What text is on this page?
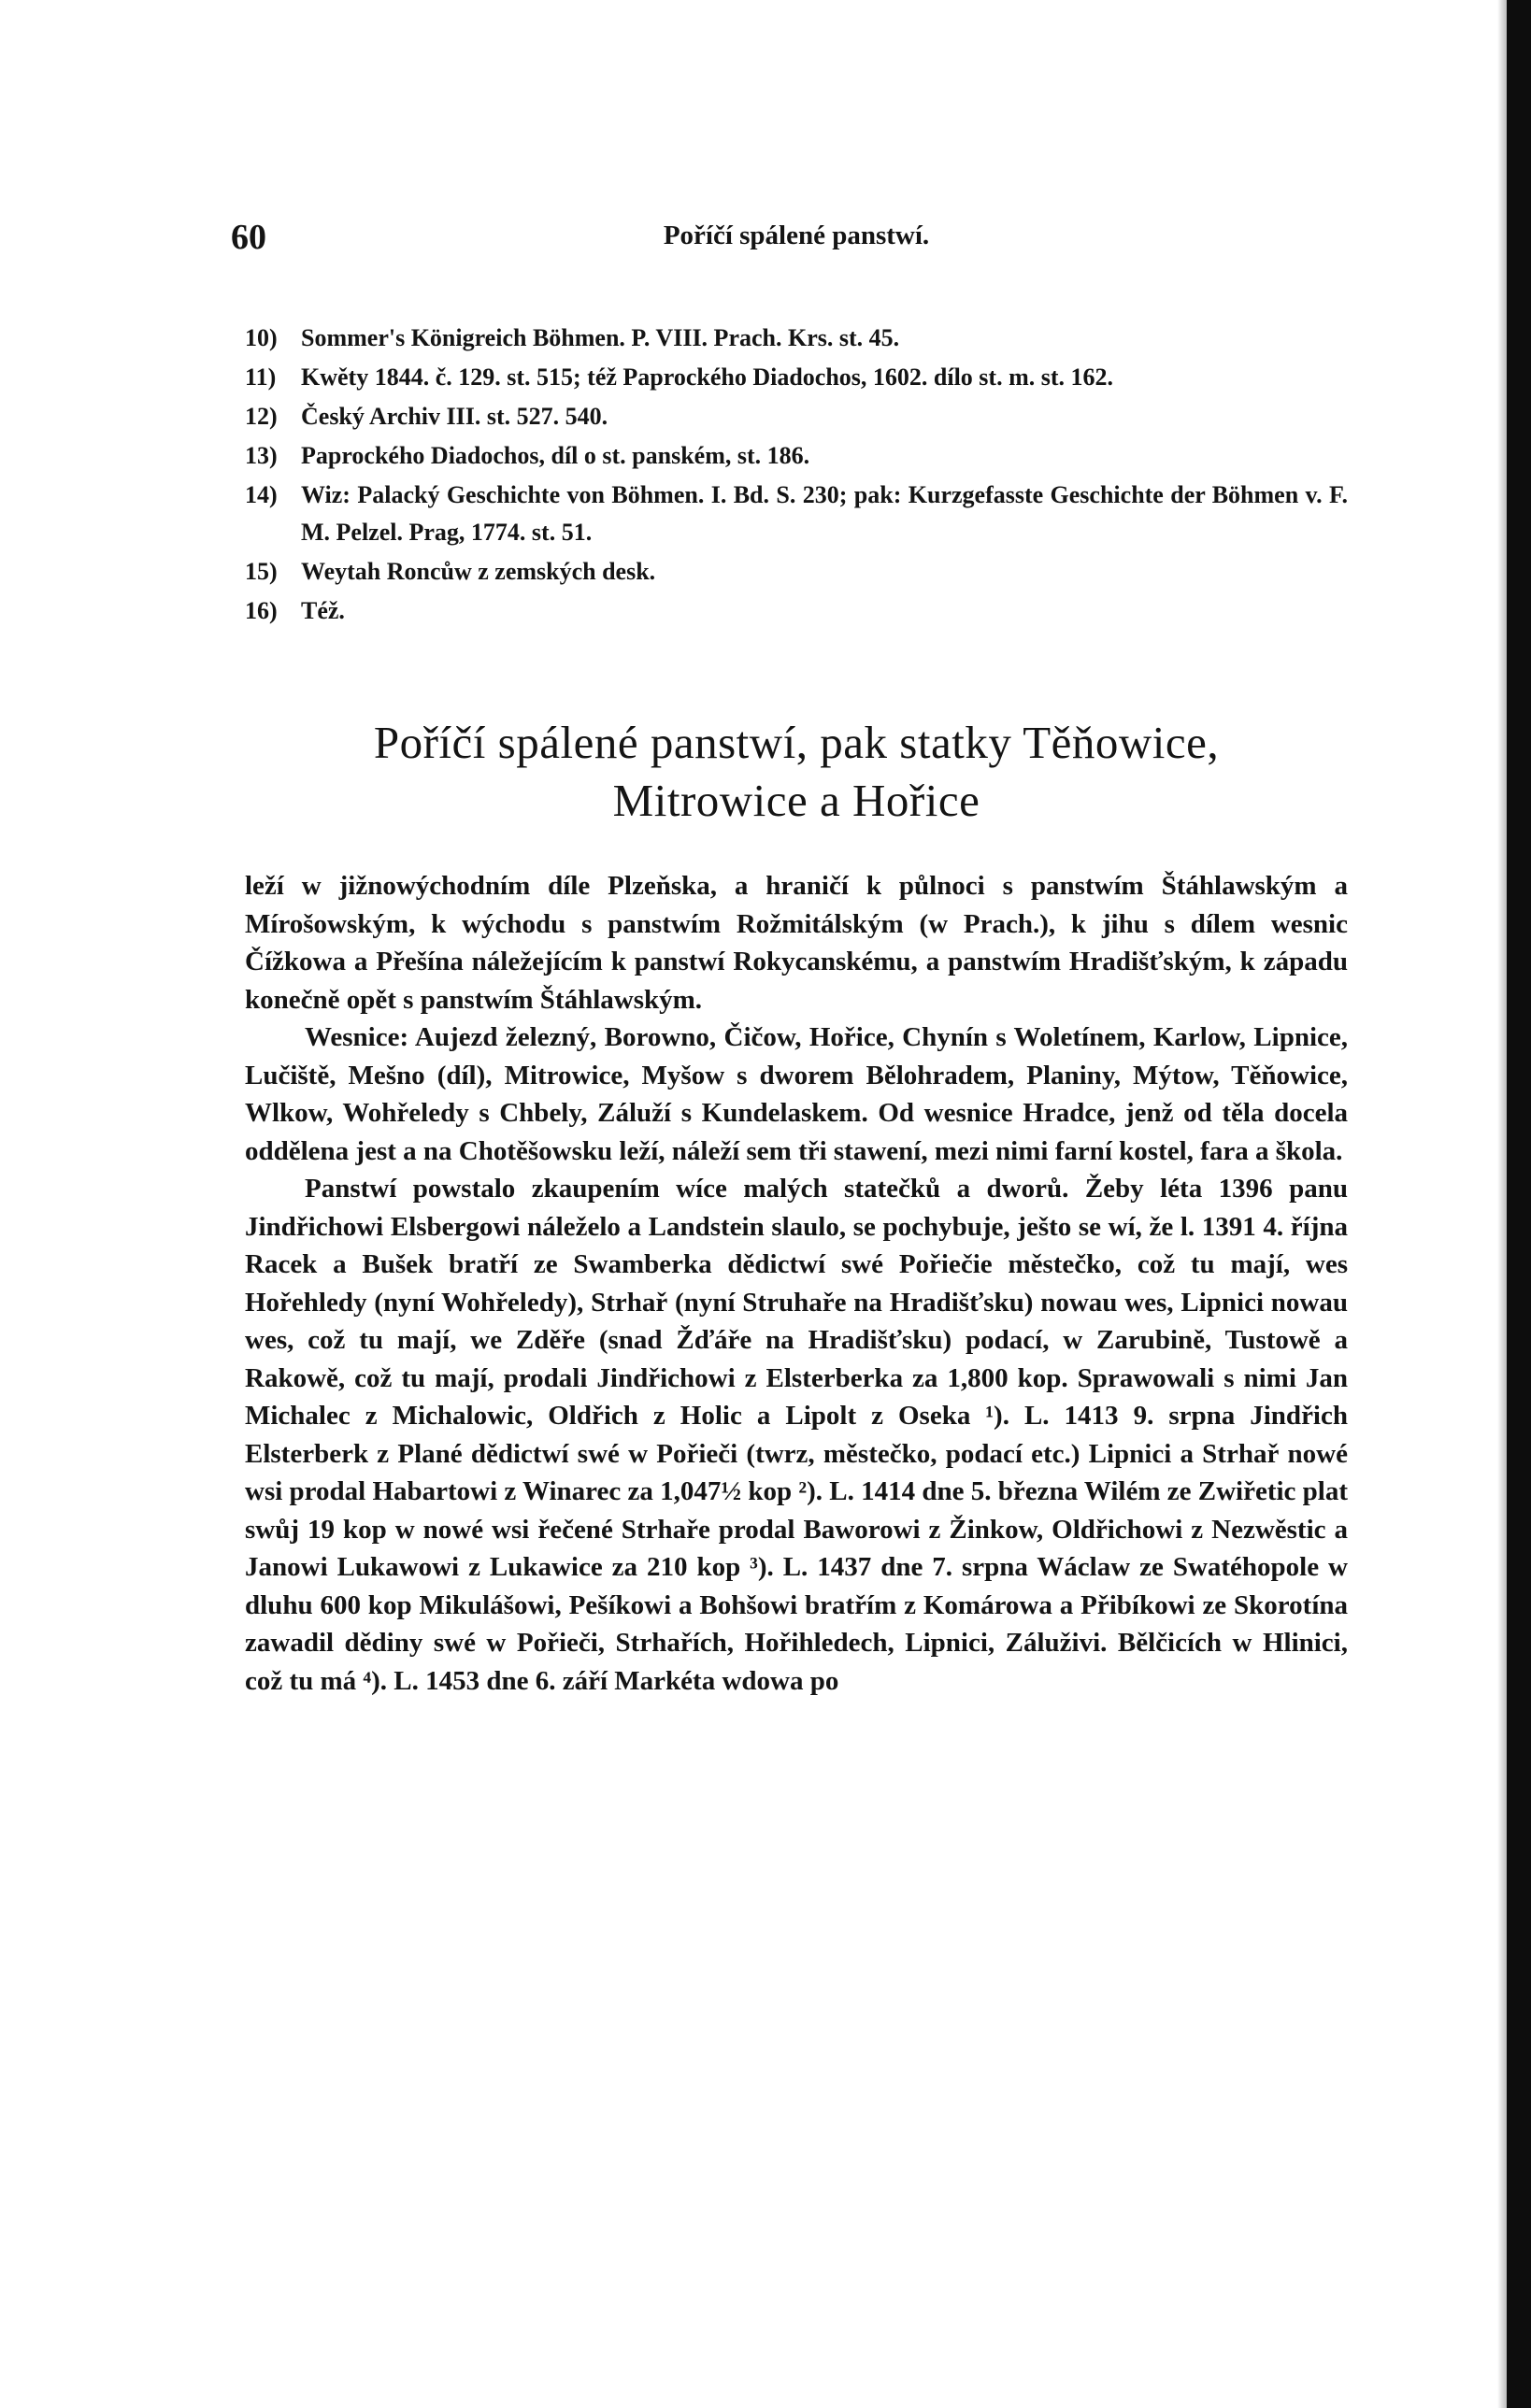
60	Poříčí spálené panstwí.
10) Sommer's Königreich Böhmen. P. VIII. Prach. Krs. st. 45.
11)	Kwěty 1844. č. 129. st. 515; též Paprockého Diadochos, 1602. dílo st. m. st. 162.
12) Český Archiv III. st. 527. 540.
13) Paprockého Diadochos, díl o st. panském, st. 186.
14) Wiz: Palacký Geschichte von Böhmen. I. Bd. S. 230; pak: Kurzgefasste Geschichte der Böhmen v. F. M. Pelzel. Prag, 1774. st. 51.
15) Weytah Roncůw z zemských desk.
16) Též.
Poříčí spálené panstwí, pak statky Těňowice,
Mitrowice a Hořice

leží w jižnowýchodním díle Plzeňska, a hraničí k půlnoci s panstwím Štáhlawským a Mírošowským, k wýchodu s panstwím Rožmitálským (w Prach.), k jihu s dílem wesnic Čížkowa a Přešína náležejícím k panstwí Rokycanskému, a panstwím Hradišťským, k západu konečně opět s panstwím Štáhlawským.

Wesnice: Aujezd železný, Borowno, Čičow, Hořice, Chynín s Woletínem, Karlow, Lipnice, Lučiště, Mešno (díl), Mitrowice, Myšow s dworem Bělohradem, Planiny, Mýtow, Těňowice, Wlkow, Wohřeledy s Chbely, Záluží s Kundelaskem. Od wesnice Hradce, jenž od těla docela oddělena jest a na Chotěšowsku leží, náleží sem tři stawení, mezi nimi farní kostel, fara a škola.

Panstwí powstalo zkaupením wíce malých statečků a dworů. Žeby léta 1396 panu Jindřichowi Elsbergowi náleželo a Landstein slaulo, se pochybuje, ješto se wí, že l. 1391 4. října Racek a Bušek bratří ze Swamberka dědictwí swé Pořiečie městečko, což tu mají, wes Hořehledy (nyní Wohřeledy), Strhař (nyní Struhaře na Hradišťsku) nowau wes, Lipnici nowau wes, což tu mají, we Zděře (snad Žďáře na Hradišťsku) podací, w Zarubině, Tustowě a Rakowě, což tu mají, prodali Jindřichowi z Elsterberka za 1,800 kop. Sprawowali s nimi Jan Michalec z Michalowic, Oldřich z Holic a Lipolt z Oseka ¹). L. 1413 9. srpna Jindřich Elsterberk z Plané dědictwí swé w Pořieči (twrz, městečko, podací etc.) Lipnici a Strhař nowé wsi prodal Habartowi z Winarec za 1,047½ kop ²). L. 1414 dne 5. března Wilém ze Zwiřetic plat swůj 19 kop w nowé wsi řečené Strhaře prodal Baworowi z Žinkow, Oldřichowi z Nezwěstic a Janowi Lukawowi z Lukawice za 210 kop ³). L. 1437 dne 7. srpna Wáclaw ze Swatéhopole w dluhu 600 kop Mikulášowi, Pešíkowi a Bohšowi bratřím z Komárowa a Přibíkowi ze Skorotína zawadil dědiny swé w Pořieči, Strhařích, Hořihledech, Lipnici, Záluživi. Bělčicích w Hlinici, což tu má ⁴). L. 1453 dne 6. září Markéta wdowa po
